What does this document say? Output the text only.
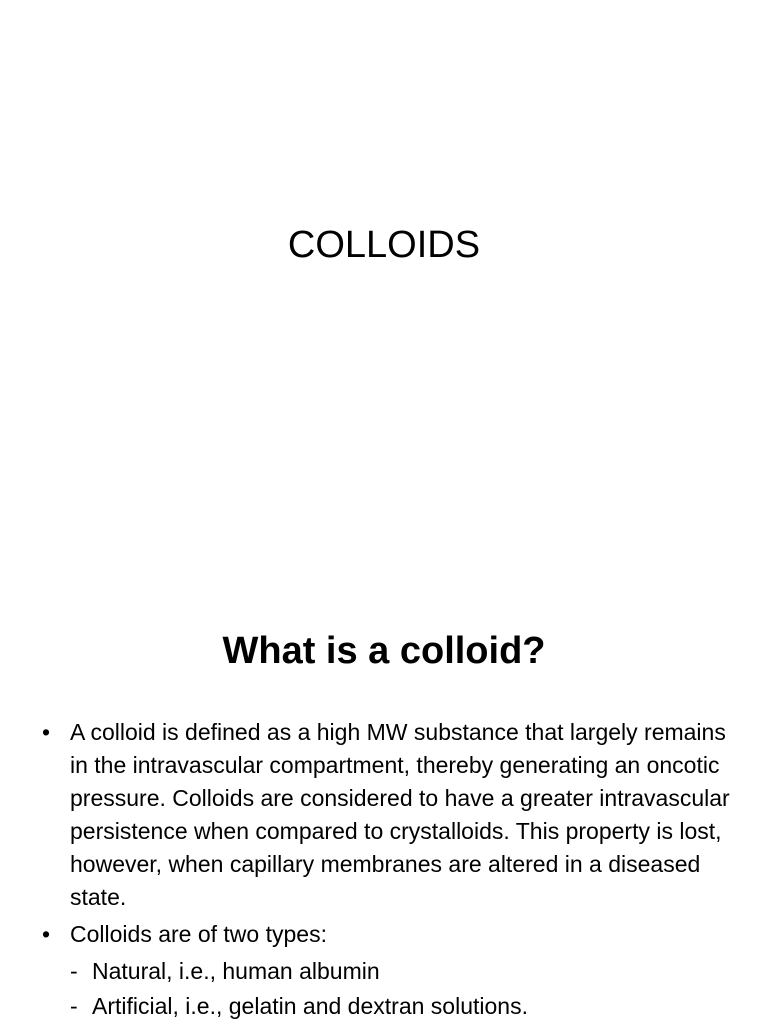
COLLOIDS
What is a colloid?
• A colloid is defined as a high MW substance that largely remains in the intravascular compartment, thereby generating an oncotic pressure. Colloids are considered to have a greater intravascular persistence when compared to crystalloids. This property is lost, however, when capillary membranes are altered in a diseased state.
• Colloids are of two types:
- Natural, i.e., human albumin
- Artificial, i.e., gelatin and dextran solutions.
